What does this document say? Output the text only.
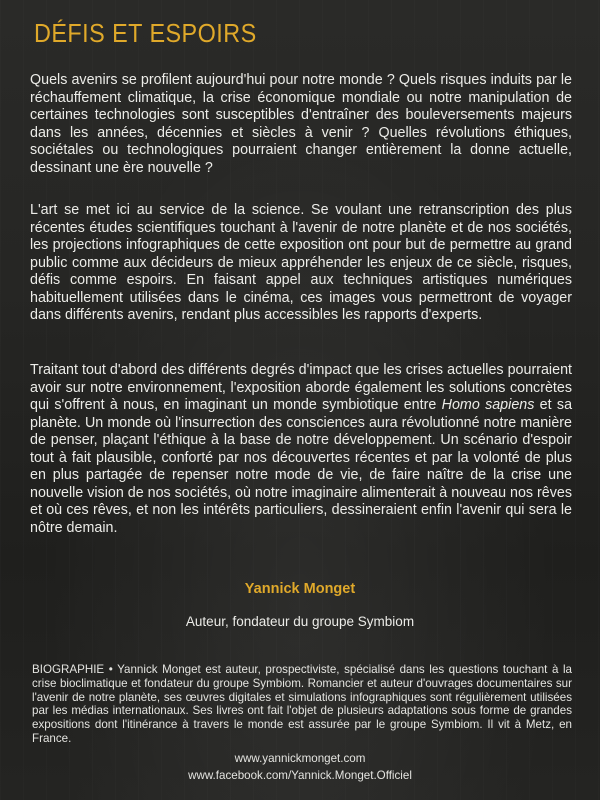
DÉFIS ET ESPOIRS

Quels avenirs se profilent aujourd'hui pour notre monde ? Quels risques induits par le réchauffement climatique, la crise économique mondiale ou notre manipulation de certaines technologies sont susceptibles d'entraîner des bouleversements majeurs dans les années, décennies et siècles à venir ? Quelles révolutions éthiques, sociétales ou technologiques pourraient changer entièrement la donne actuelle, dessinant une ère nouvelle ?

L'art se met ici au service de la science. Se voulant une retranscription des plus récentes études scientifiques touchant à l'avenir de notre planète et de nos sociétés, les projections infographiques de cette exposition ont pour but de permettre au grand public comme aux décideurs de mieux appréhender les enjeux de ce siècle, risques, défis comme espoirs. En faisant appel aux techniques artistiques numériques habituellement utilisées dans le cinéma, ces images vous permettront de voyager dans différents avenirs, rendant plus accessibles les rapports d'experts.

Traitant tout d'abord des différents degrés d'impact que les crises actuelles pourraient avoir sur notre environnement, l'exposition aborde également les solutions concrètes qui s'offrent à nous, en imaginant un monde symbiotique entre Homo sapiens et sa planète. Un monde où l'insurrection des consciences aura révolutionné notre manière de penser, plaçant l'éthique à la base de notre développement. Un scénario d'espoir tout à fait plausible, conforté par nos découvertes récentes et par la volonté de plus en plus partagée de repenser notre mode de vie, de faire naître de la crise une nouvelle vision de nos sociétés, où notre imaginaire alimenterait à nouveau nos rêves et où ces rêves, et non les intérêts particuliers, dessineraient enfin l'avenir qui sera le nôtre demain.

Yannick Monget
Auteur, fondateur du groupe Symbiom

BIOGRAPHIE • Yannick Monget est auteur, prospectiviste, spécialisé dans les questions touchant à la crise bioclimatique et fondateur du groupe Symbiom. Romancier et auteur d'ouvrages documentaires sur l'avenir de notre planète, ses œuvres digitales et simulations infographiques sont régulièrement utilisées par les médias internationaux. Ses livres ont fait l'objet de plusieurs adaptations sous forme de grandes expositions dont l'itinérance à travers le monde est assurée par le groupe Symbiom. Il vit à Metz, en France.

www.yannickmonget.com
www.facebook.com/Yannick.Monget.Officiel
